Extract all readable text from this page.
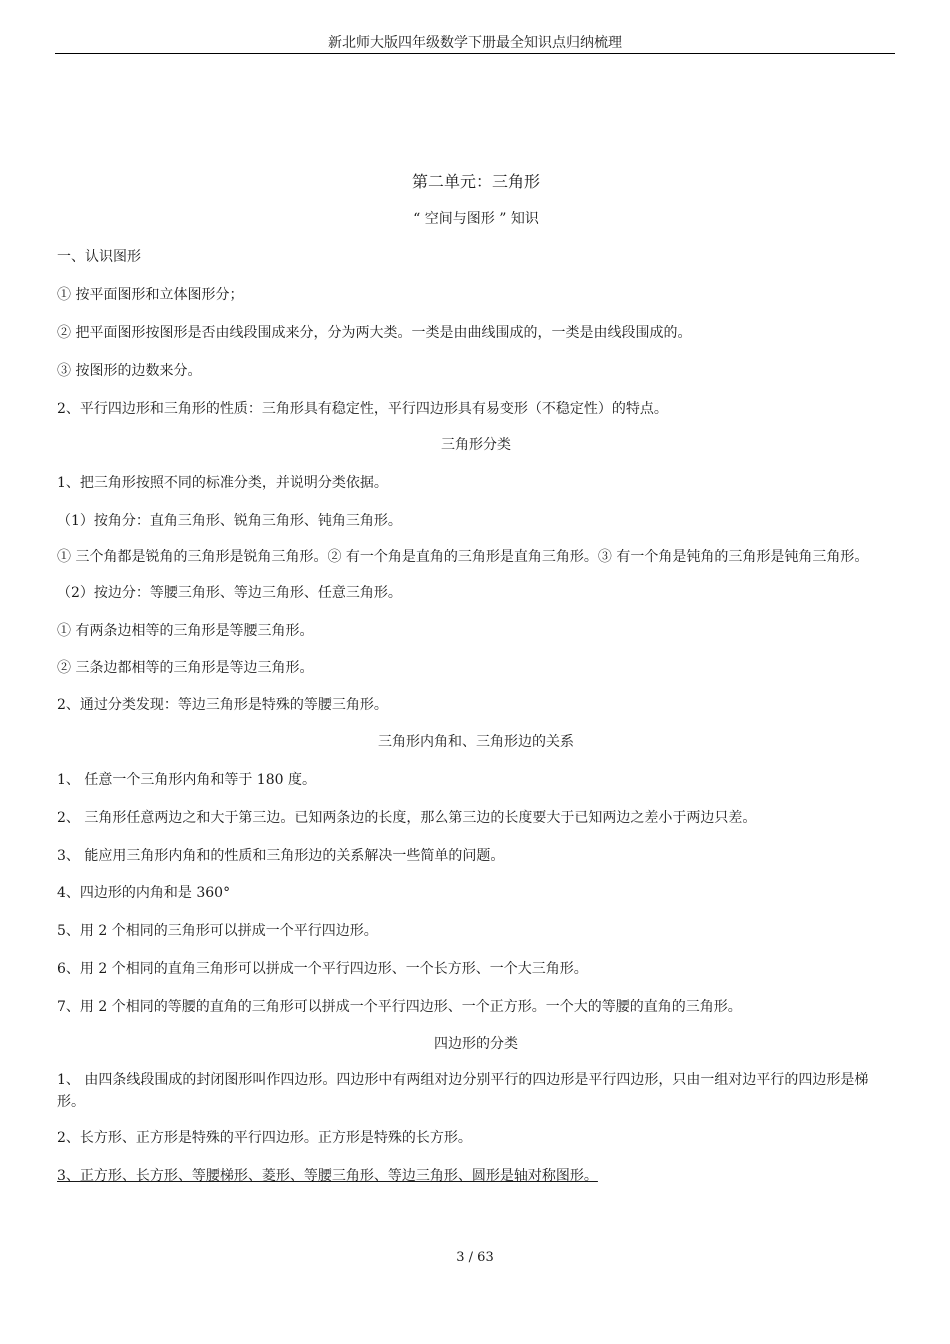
新北师大版四年级数学下册最全知识点归纳梳理

第二单元：三角形

“ 空间与图形 ” 知识

一、认识图形

① 按平面图形和立体图形分；

② 把平面图形按图形是否由线段围成来分，分为两大类。一类是由曲线围成的，一类是由线段围成的。

③ 按图形的边数来分。

2、平行四边形和三角形的性质：三角形具有稳定性，平行四边形具有易变形（不稳定性）的特点。

三角形分类

1、把三角形按照不同的标准分类，并说明分类依据。

（1）按角分：直角三角形、锐角三角形、钝角三角形。

① 三个角都是锐角的三角形是锐角三角形。② 有一个角是直角的三角形是直角三角形。③ 有一个角是钝角的三角形是钝角三角形。

（2）按边分：等腰三角形、等边三角形、任意三角形。

① 有两条边相等的三角形是等腰三角形。

② 三条边都相等的三角形是等边三角形。

2、通过分类发现：等边三角形是特殊的等腰三角形。

三角形内角和、三角形边的关系

1、 任意一个三角形内角和等于 180 度。

2、 三角形任意两边之和大于第三边。已知两条边的长度，那么第三边的长度要大于已知两边之差小于两边只差。

3、 能应用三角形内角和的性质和三角形边的关系解决一些简单的问题。

4、四边形的内角和是 360°

5、用 2 个相同的三角形可以拼成一个平行四边形。

6、用 2 个相同的直角三角形可以拼成一个平行四边形、一个长方形、一个大三角形。

7、用 2 个相同的等腰的直角的三角形可以拼成一个平行四边形、一个正方形。一个大的等腰的直角的三角形。

四边形的分类

1、 由四条线段围成的封闭图形叫作四边形。四边形中有两组对边分别平行的四边形是平行四边形，只由一组对边平行的四边形是梯形。

2、长方形、正方形是特殊的平行四边形。正方形是特殊的长方形。

3、正方形、长方形、等腰梯形、菱形、等腰三角形、等边三角形、圆形是轴对称图形。

3 / 63
